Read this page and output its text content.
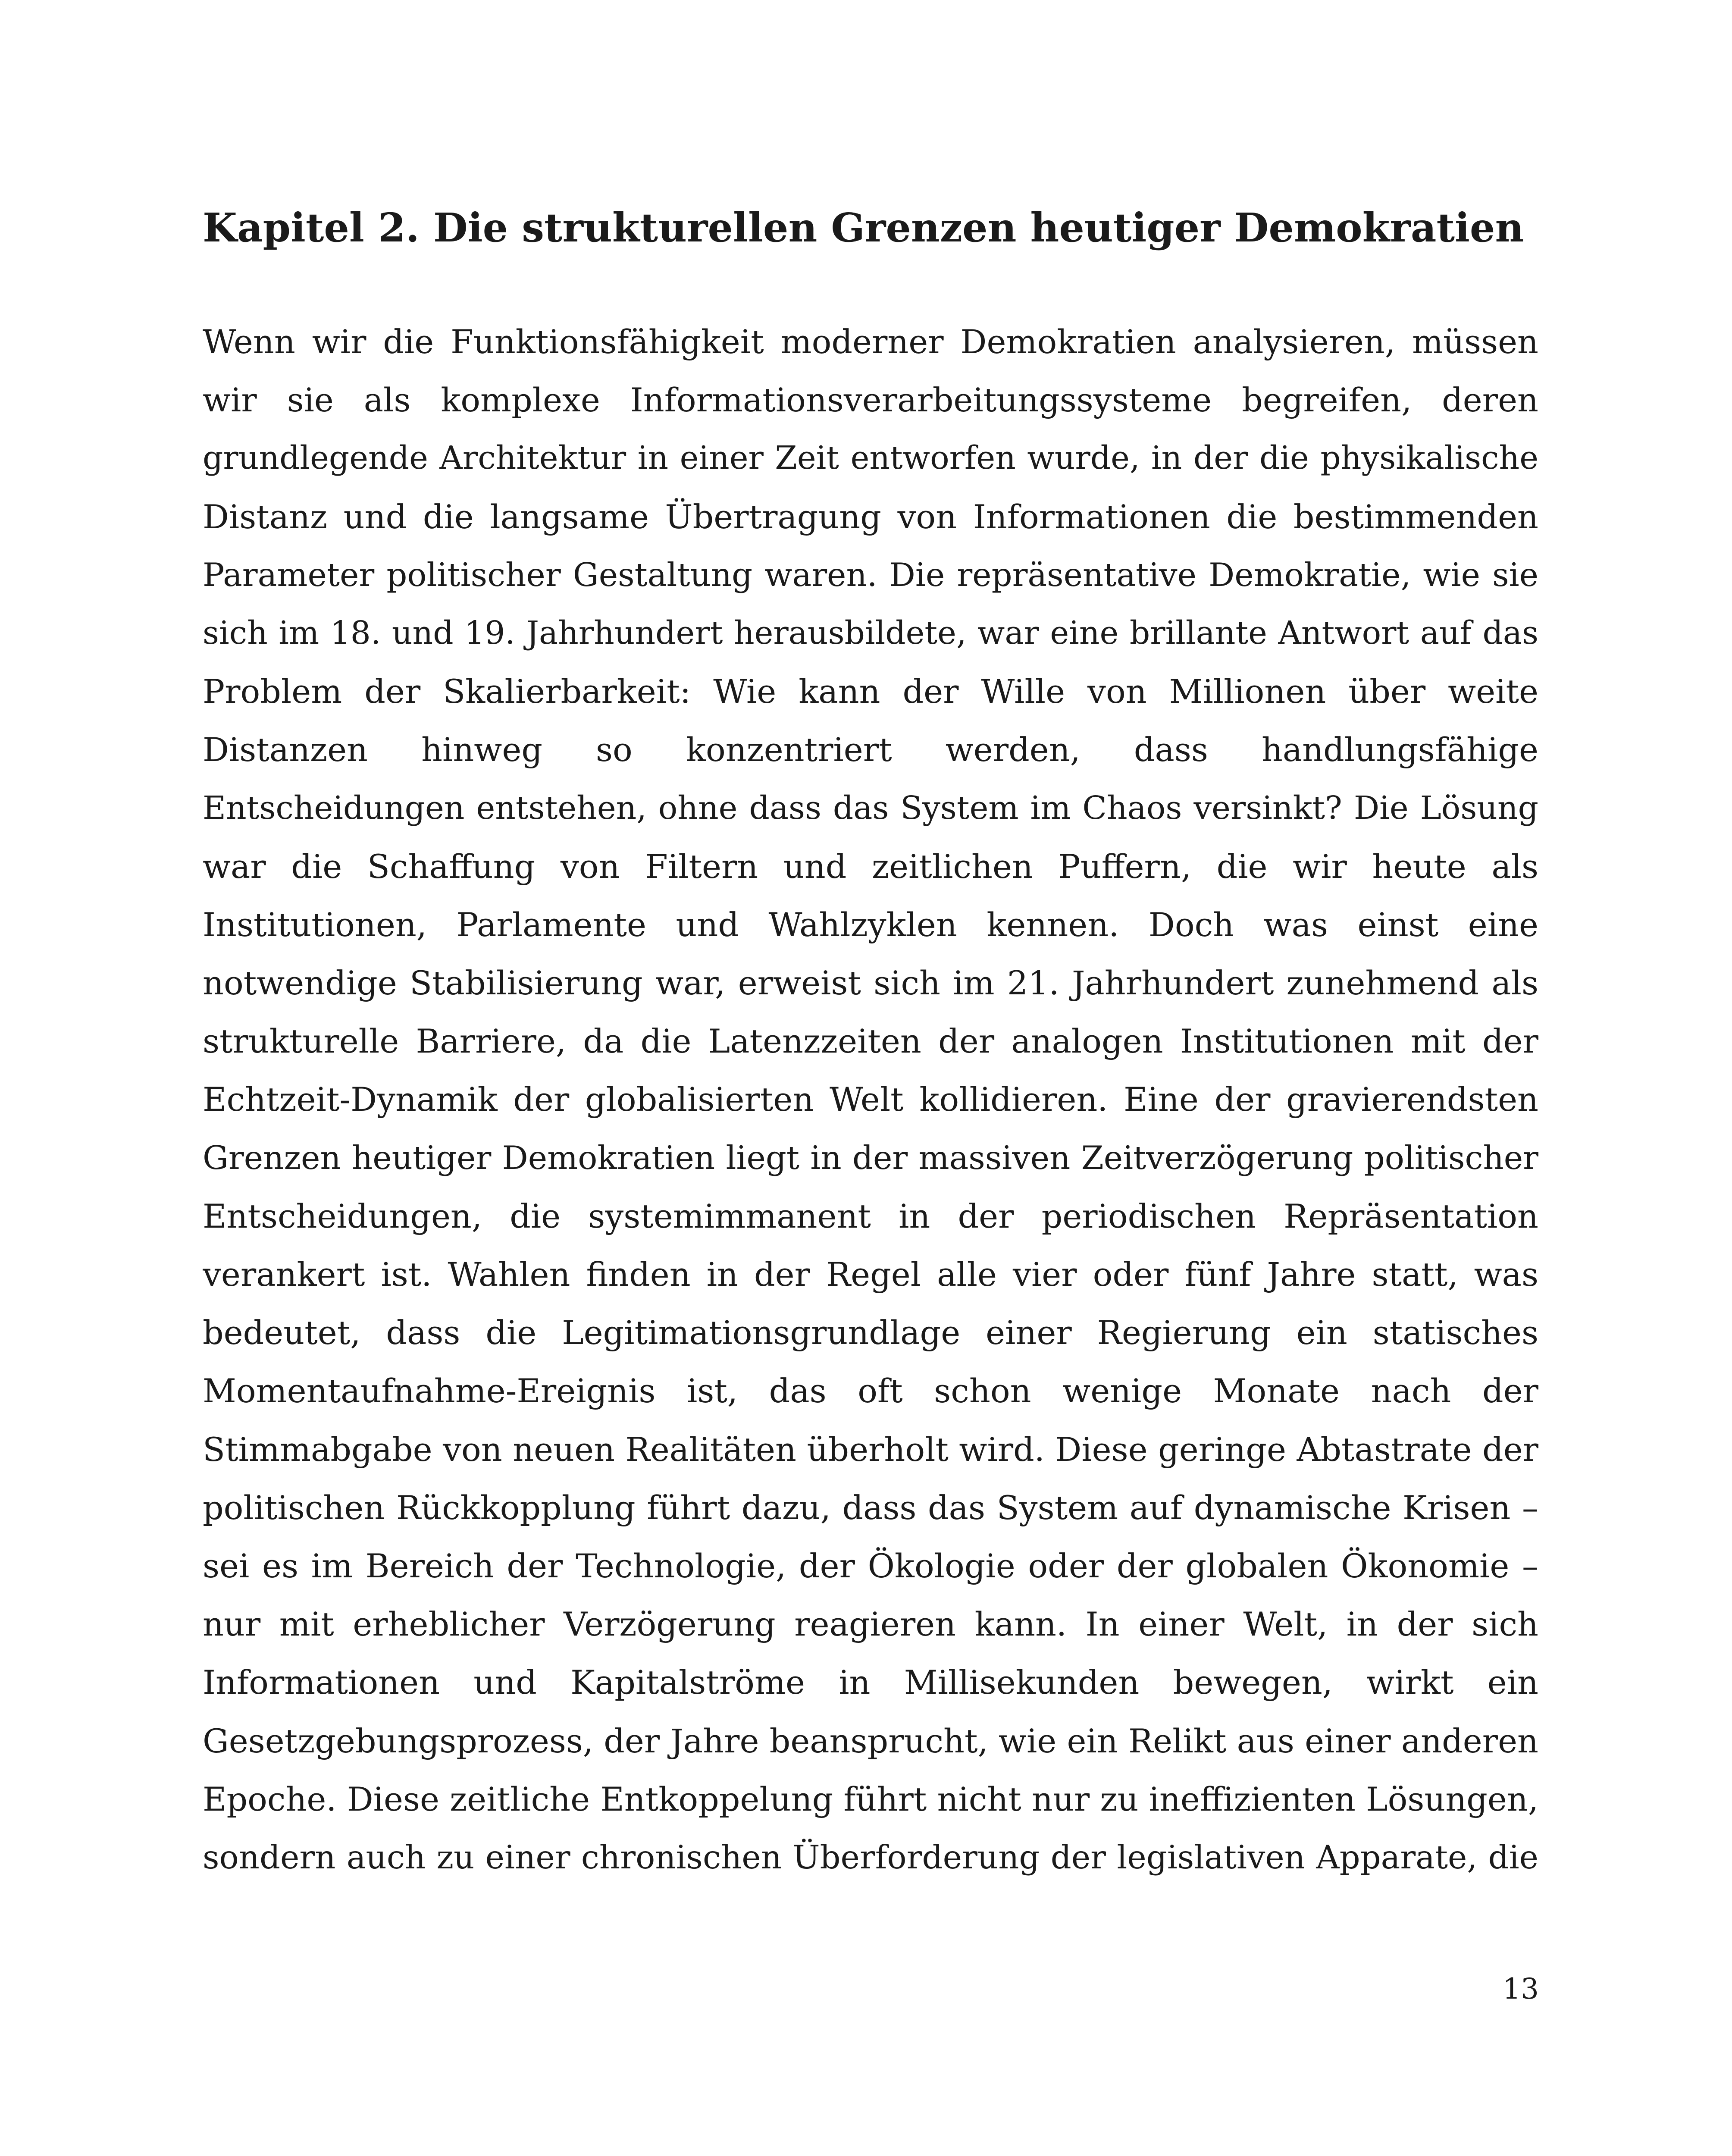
Kapitel 2. Die strukturellen Grenzen heutiger Demokratien
Wenn wir die Funktionsfähigkeit moderner Demokratien analysieren, müssen
wir sie als komplexe Informationsverarbeitungssysteme begreifen, deren
grundlegende Architektur in einer Zeit entworfen wurde, in der die physikalische
Distanz und die langsame Übertragung von Informationen die bestimmenden
Parameter politischer Gestaltung waren. Die repräsentative Demokratie, wie sie
sich im 18. und 19. Jahrhundert herausbildete, war eine brillante Antwort auf das
Problem der Skalierbarkeit: Wie kann der Wille von Millionen über weite
Distanzen hinweg so konzentriert werden, dass handlungsfähige
Entscheidungen entstehen, ohne dass das System im Chaos versinkt? Die Lösung
war die Schaffung von Filtern und zeitlichen Puffern, die wir heute als
Institutionen, Parlamente und Wahlzyklen kennen. Doch was einst eine
notwendige Stabilisierung war, erweist sich im 21. Jahrhundert zunehmend als
strukturelle Barriere, da die Latenzzeiten der analogen Institutionen mit der
Echtzeit-Dynamik der globalisierten Welt kollidieren. Eine der gravierendsten
Grenzen heutiger Demokratien liegt in der massiven Zeitverzögerung politischer
Entscheidungen, die systemimmanent in der periodischen Repräsentation
verankert ist. Wahlen finden in der Regel alle vier oder fünf Jahre statt, was
bedeutet, dass die Legitimationsgrundlage einer Regierung ein statisches
Momentaufnahme-Ereignis ist, das oft schon wenige Monate nach der
Stimmabgabe von neuen Realitäten überholt wird. Diese geringe Abtastrate der
politischen Rückkopplung führt dazu, dass das System auf dynamische Krisen –
sei es im Bereich der Technologie, der Ökologie oder der globalen Ökonomie –
nur mit erheblicher Verzögerung reagieren kann. In einer Welt, in der sich
Informationen und Kapitalströme in Millisekunden bewegen, wirkt ein
Gesetzgebungsprozess, der Jahre beansprucht, wie ein Relikt aus einer anderen
Epoche. Diese zeitliche Entkoppelung führt nicht nur zu ineffizienten Lösungen,
sondern auch zu einer chronischen Überforderung der legislativen Apparate, die
13
